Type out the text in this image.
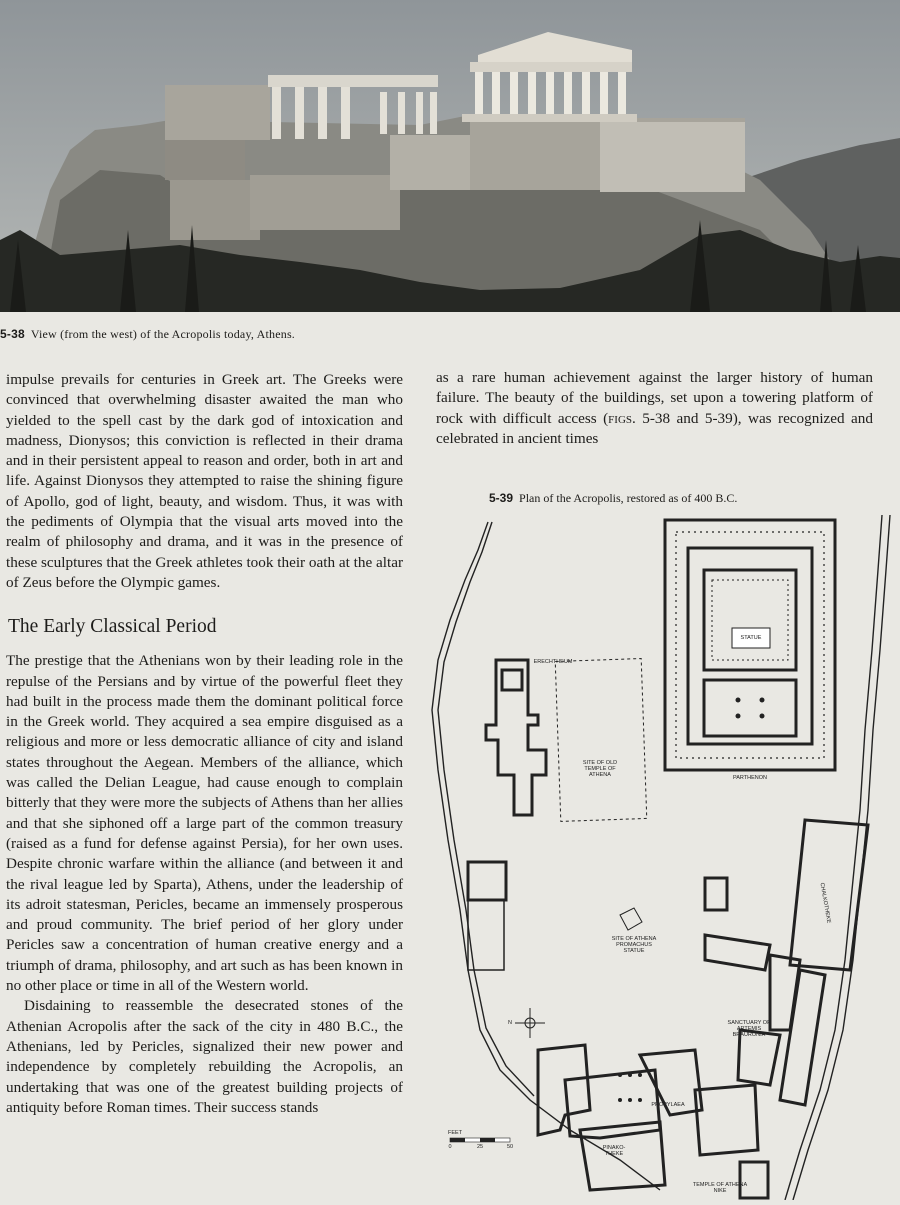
5-38 View (from the west) of the Acropolis today, Athens.

impulse prevails for centuries in Greek art. The Greeks were convinced that overwhelming disaster awaited the man who yielded to the spell cast by the dark god of intoxication and madness, Dionysos; this conviction is reflected in their drama and in their persistent appeal to reason and order, both in art and life. Against Dionysos they attempted to raise the shining figure of Apollo, god of light, beauty, and wisdom. Thus, it was with the pediments of Olympia that the visual arts moved into the realm of philosophy and drama, and it was in the presence of these sculptures that the Greek athletes took their oath at the altar of Zeus before the Olympic games.

The Early Classical Period

The prestige that the Athenians won by their leading role in the repulse of the Persians and by virtue of the powerful fleet they had built in the process made them the dominant political force in the Greek world. They acquired a sea empire disguised as a religious and more or less democratic alliance of city and island states throughout the Aegean. Members of the alliance, which was called the Delian League, had cause enough to complain bitterly that they were more the subjects of Athens than her allies and that she siphoned off a large part of the common treasury (raised as a fund for defense against Persia), for her own uses. Despite chronic warfare within the alliance (and between it and the rival league led by Sparta), Athens, under the leadership of its adroit statesman, Pericles, became an immensely prosperous and proud community. The brief period of her glory under Pericles saw a concentration of human creative energy and a triumph of drama, philosophy, and art such as has been known in no other place or time in all of the Western world.

Disdaining to reassemble the desecrated stones of the Athenian Acropolis after the sack of the city in 480 B.C., the Athenians, led by Pericles, signalized their new power and independence by completely rebuilding the Acropolis, an undertaking that was one of the greatest building projects of antiquity before Roman times. Their success stands

as a rare human achievement against the larger history of human failure. The beauty of the buildings, set upon a towering platform of rock with difficult access (figs. 5-38 and 5-39), was recognized and celebrated in ancient times

5-39 Plan of the Acropolis, restored as of 400 B.C.
ERECHTHEUM
SITE OF OLD TEMPLE OF ATHENA
STATUE
PARTHENON
CHALKOTHEKE
SITE OF ATHENA PROMACHUS STATUE
SANCTUARY OF ARTEMIS BRAURONIA
PROPYLAEA
PINAKO-THEKE
TEMPLE OF ATHENA NIKE
FEET
0	25	50
N
